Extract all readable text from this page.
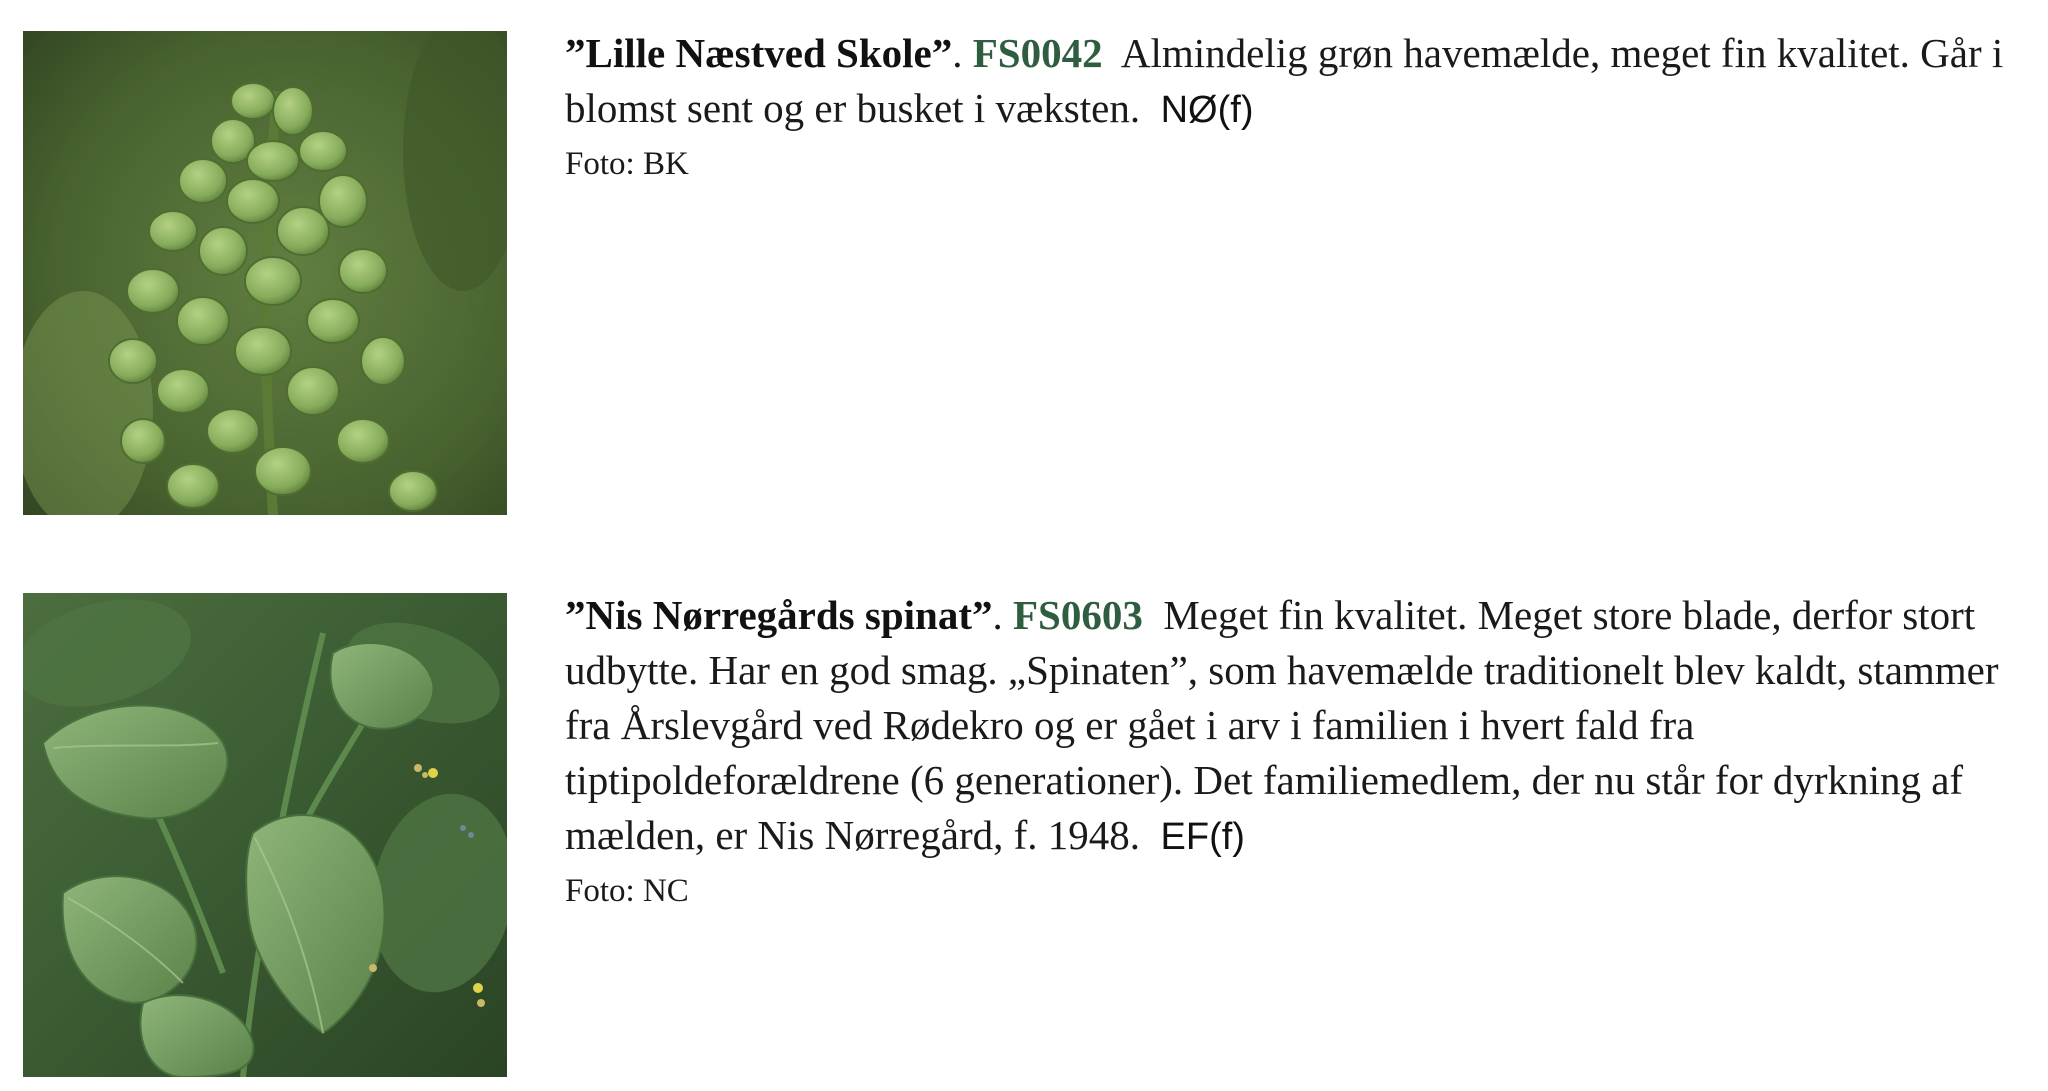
”Lille Næstved Skole”. FS0042 Almindelig grøn havemælde, meget fin kvalitet. Går i blomst sent og er busket i væksten. NØ(f)

Foto: BK

”Nis Nørregårds spinat”. FS0603 Meget fin kvalitet. Meget store blade, derfor stort udbytte. Har en god smag. „Spinaten”, som havemælde traditionelt blev kaldt, stammer fra Årslevgård ved Rødekro og er gået i arv i familien i hvert fald fra tiptipoldeforældrene (6 generationer). Det familiemedlem, der nu står for dyrkning af mælden, er Nis Nørregård, f. 1948. EF(f)

Foto: NC
